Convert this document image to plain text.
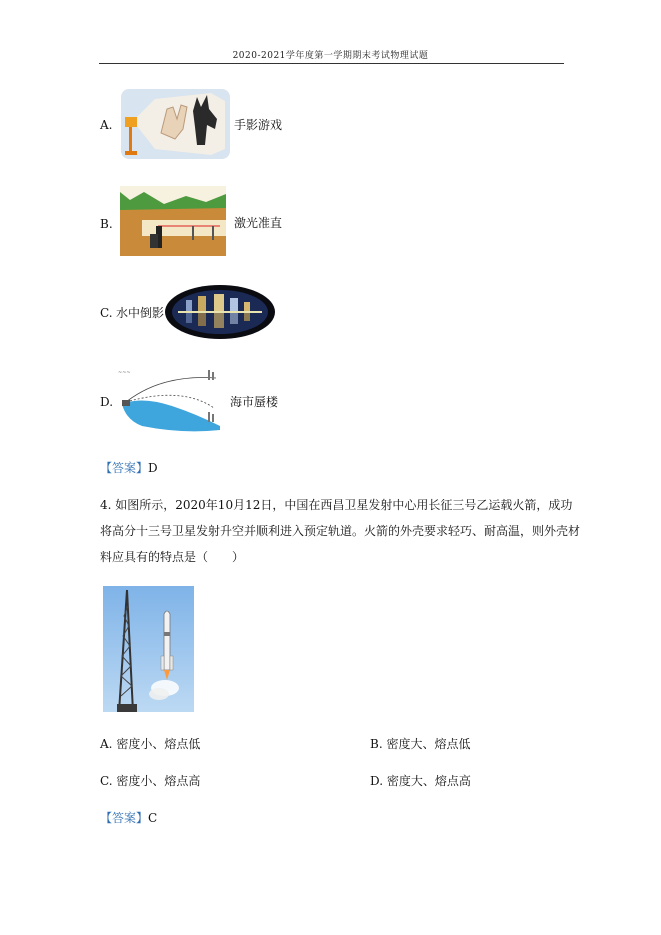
2020-2021学年度第一学期期末考试物理试题
A.	手影游戏
B.	激光准直
C. 水中倒影
D.
~~~
海市蜃楼
【答案】D
4. 如图所示，2020年10月12日，中国在西昌卫星发射中心用长征三号乙运载火箭，成功
将高分十三号卫星发射升空并顺利进入预定轨道。火箭的外壳要求轻巧、耐高温，则外壳材
料应具有的特点是（　　）
A. 密度小、熔点低	B. 密度大、熔点低
C. 密度小、熔点高	D. 密度大、熔点高
【答案】C
